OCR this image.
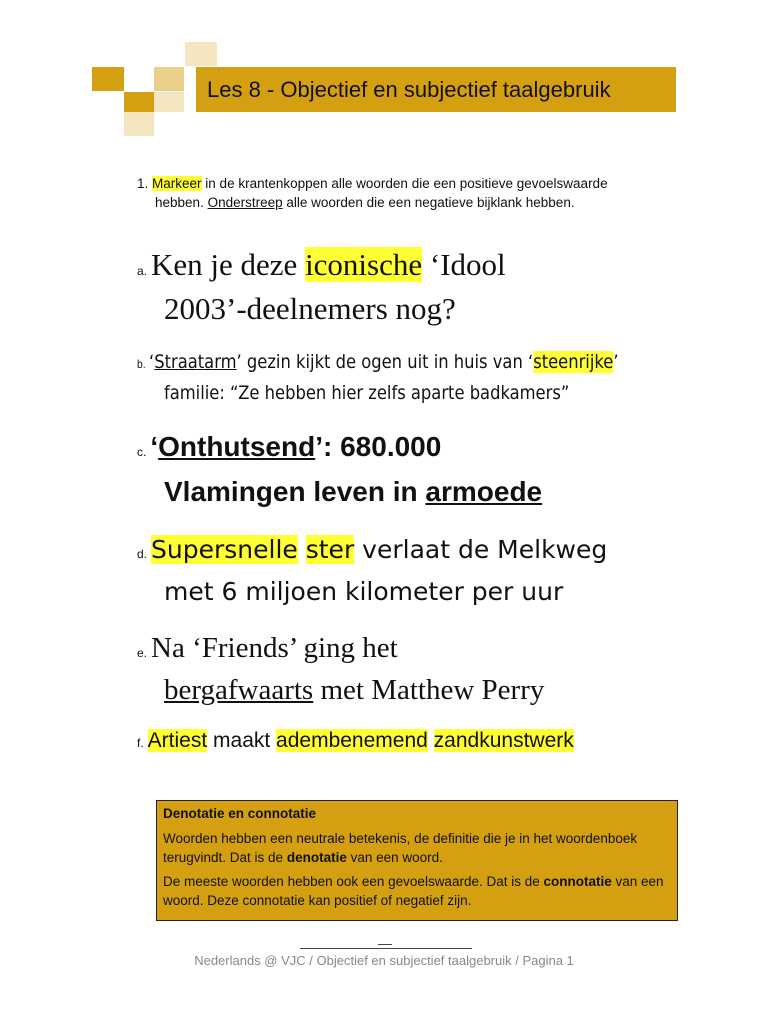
Les 8 - Objectief en subjectief taalgebruik
1. Markeer in de krantenkoppen alle woorden die een positieve gevoelswaarde
hebben. Onderstreep alle woorden die een negatieve bijklank hebben.
a. Ken je deze iconische ‘Idool
2003’-deelnemers nog?
b. ‘Straatarm’ gezin kijkt de ogen uit in huis van ‘steenrijke’
familie: “Ze hebben hier zelfs aparte badkamers”
c. ‘Onthutsend’: 680.000
Vlamingen leven in armoede
d. Supersnelle ster verlaat de Melkweg
met 6 miljoen kilometer per uur
e. Na ‘Friends’ ging het
bergafwaarts met Matthew Perry
f. Artiest maakt adembenemend zandkunstwerk

Denotatie en connotatie

Woorden hebben een neutrale betekenis, de definitie die je in het woordenboek terugvindt. Dat is de denotatie van een woord.

De meeste woorden hebben ook een gevoelswaarde. Dat is de connotatie van een woord. Deze connotatie kan positief of negatief zijn.

Nederlands @ VJC / Objectief en subjectief taalgebruik / Pagina 1
